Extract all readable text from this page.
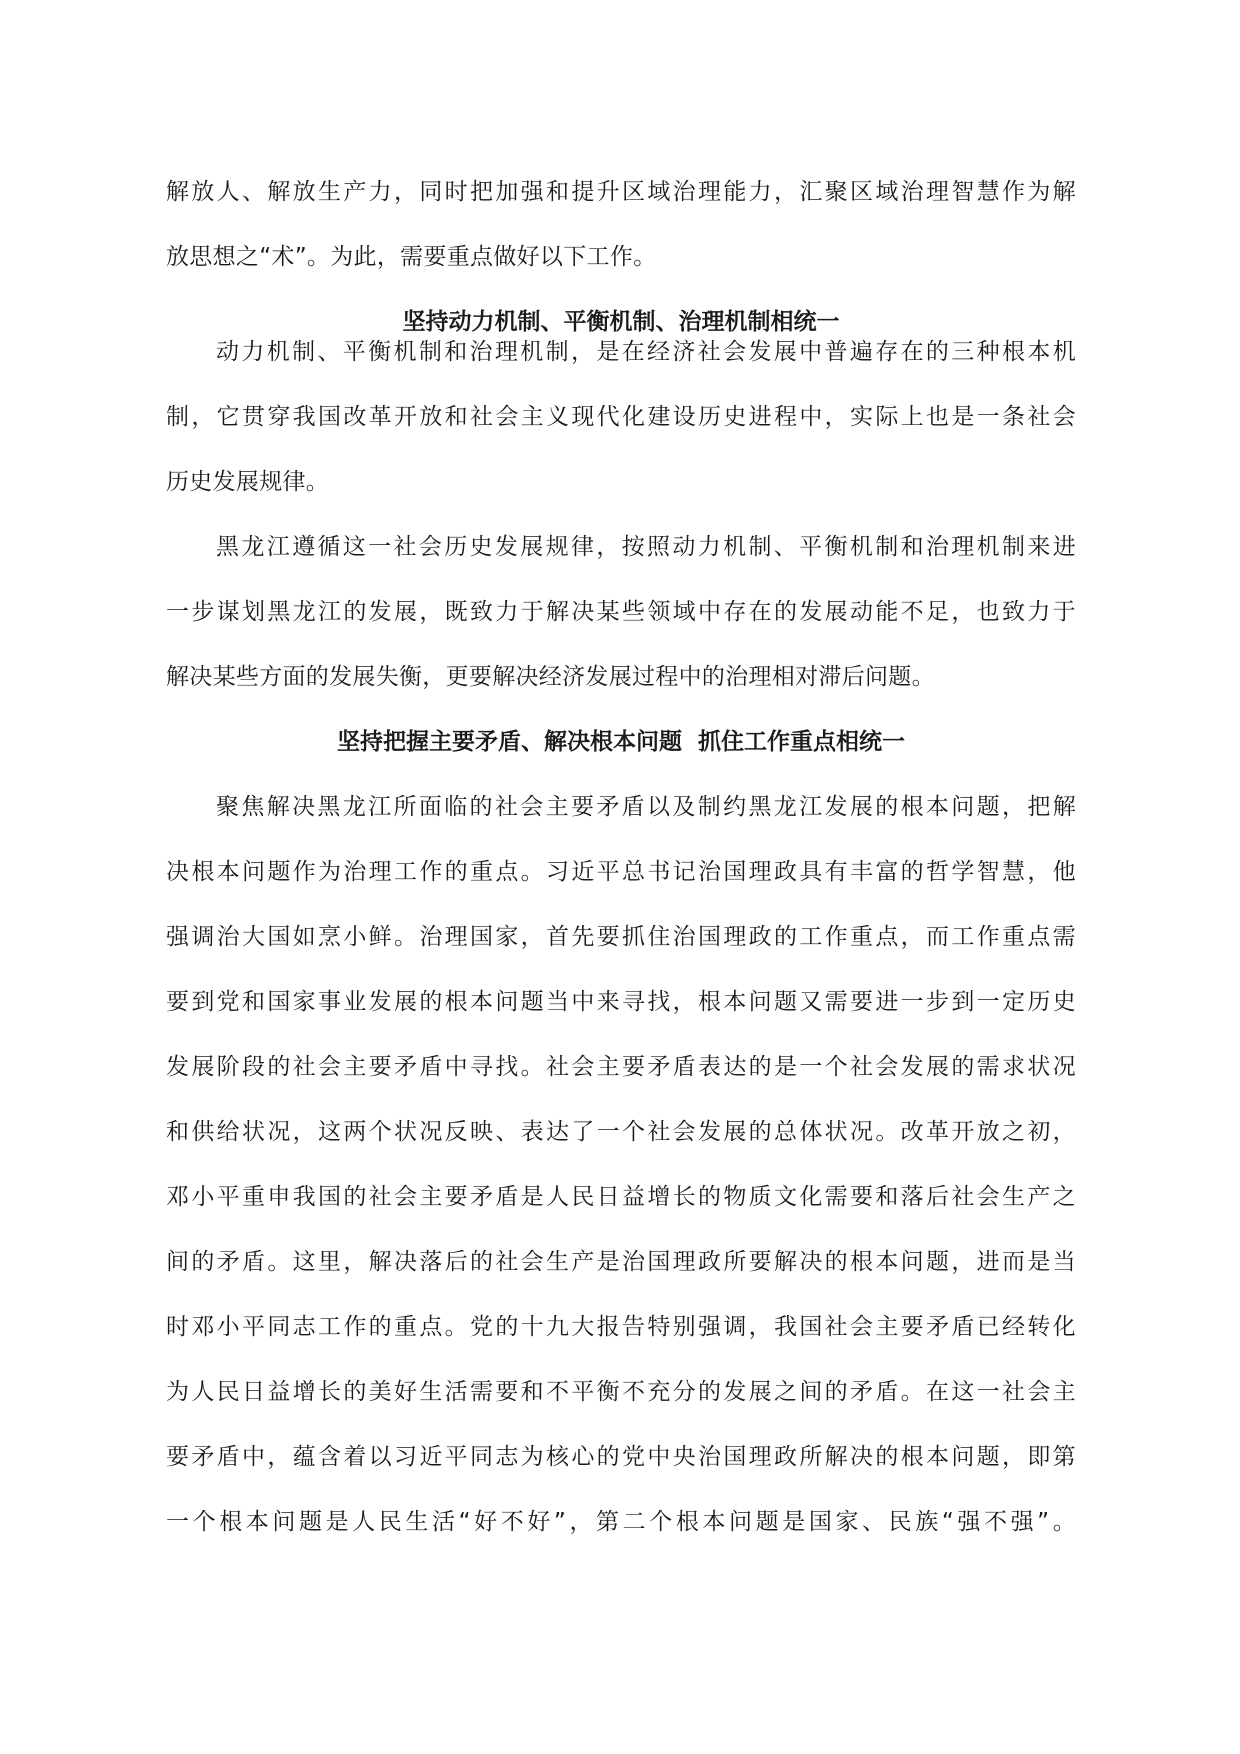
解放人、解放生产力，同时把加强和提升区域治理能力，汇聚区域治理智慧作为解
放思想之“术”。为此，需要重点做好以下工作。
坚持动力机制、平衡机制、治理机制相统一
动力机制、平衡机制和治理机制，是在经济社会发展中普遍存在的三种根本机
制，它贯穿我国改革开放和社会主义现代化建设历史进程中，实际上也是一条社会
历史发展规律。
黑龙江遵循这一社会历史发展规律，按照动力机制、平衡机制和治理机制来进
一步谋划黑龙江的发展，既致力于解决某些领域中存在的发展动能不足，也致力于
解决某些方面的发展失衡，更要解决经济发展过程中的治理相对滞后问题。
坚持把握主要矛盾、解决根本问题  抓住工作重点相统一
聚焦解决黑龙江所面临的社会主要矛盾以及制约黑龙江发展的根本问题，把解
决根本问题作为治理工作的重点。习近平总书记治国理政具有丰富的哲学智慧，他
强调治大国如烹小鲜。治理国家，首先要抓住治国理政的工作重点，而工作重点需
要到党和国家事业发展的根本问题当中来寻找，根本问题又需要进一步到一定历史
发展阶段的社会主要矛盾中寻找。社会主要矛盾表达的是一个社会发展的需求状况
和供给状况，这两个状况反映、表达了一个社会发展的总体状况。改革开放之初，
邓小平重申我国的社会主要矛盾是人民日益增长的物质文化需要和落后社会生产之
间的矛盾。这里，解决落后的社会生产是治国理政所要解决的根本问题，进而是当
时邓小平同志工作的重点。党的十九大报告特别强调，我国社会主要矛盾已经转化
为人民日益增长的美好生活需要和不平衡不充分的发展之间的矛盾。在这一社会主
要矛盾中，蕴含着以习近平同志为核心的党中央治国理政所解决的根本问题，即第
一个根本问题是人民生活“好不好”，第二个根本问题是国家、民族“强不强”。
